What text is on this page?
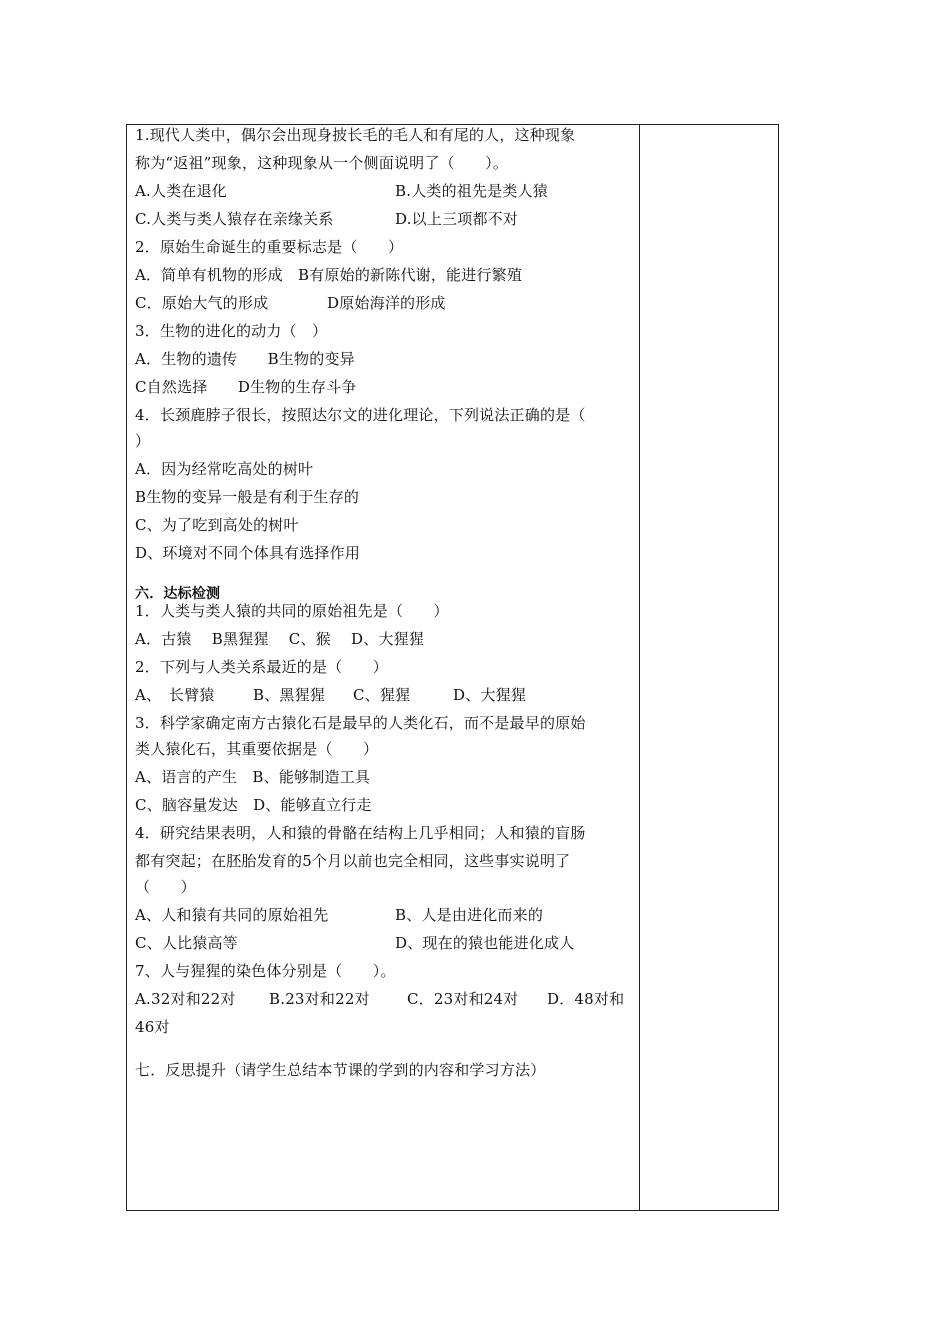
1.现代人类中，偶尔会出现身披长毛的毛人和有尾的人，这种现象
称为“返祖”现象，这种现象从一个侧面说明了（　　）。
A.人类在退化	B.人类的祖先是类人猿
C.人类与类人猿存在亲缘关系	D.以上三项都不对
2．原始生命诞生的重要标志是（　　）
A．简单有机物的形成　B有原始的新陈代谢，能进行繁殖
C．原始大气的形成	D原始海洋的形成
3．生物的进化的动力（　）
A．生物的遗传　　B生物的变异
C自然选择　　D生物的生存斗争
4．长颈鹿脖子很长，按照达尔文的进化理论，下列说法正确的是（
）
A．因为经常吃高处的树叶
B生物的变异一般是有利于生存的
C、为了吃到高处的树叶
D、环境对不同个体具有选择作用
六．达标检测
1．人类与类人猿的共同的原始祖先是（　　）
A．古猿　 B黑猩猩　 C、猴　 D、大猩猩
2．下列与人类关系最近的是（　　）
A、　长臂猿	B、黑猩猩 C、猩猩	D、大猩猩
3．科学家确定南方古猿化石是最早的人类化石，而不是最早的原始
类人猿化石，其重要依据是（　　）
A、语言的产生　B、能够制造工具
C、脑容量发达　D、能够直立行走
4．研究结果表明，人和猿的骨骼在结构上几乎相同；人和猿的盲肠
都有突起；在胚胎发育的5个月以前也完全相同，这些事实说明了
（　　）
A、人和猿有共同的原始祖先	B、人是由进化而来的
C、人比猿高等	D、现在的猿也能进化成人
7、人与猩猩的染色体分别是（　　）。
A.32对和22对 B.23对和22对 C．23对和24对 D．48对和
46对
七．反思提升（请学生总结本节课的学到的内容和学习方法）
